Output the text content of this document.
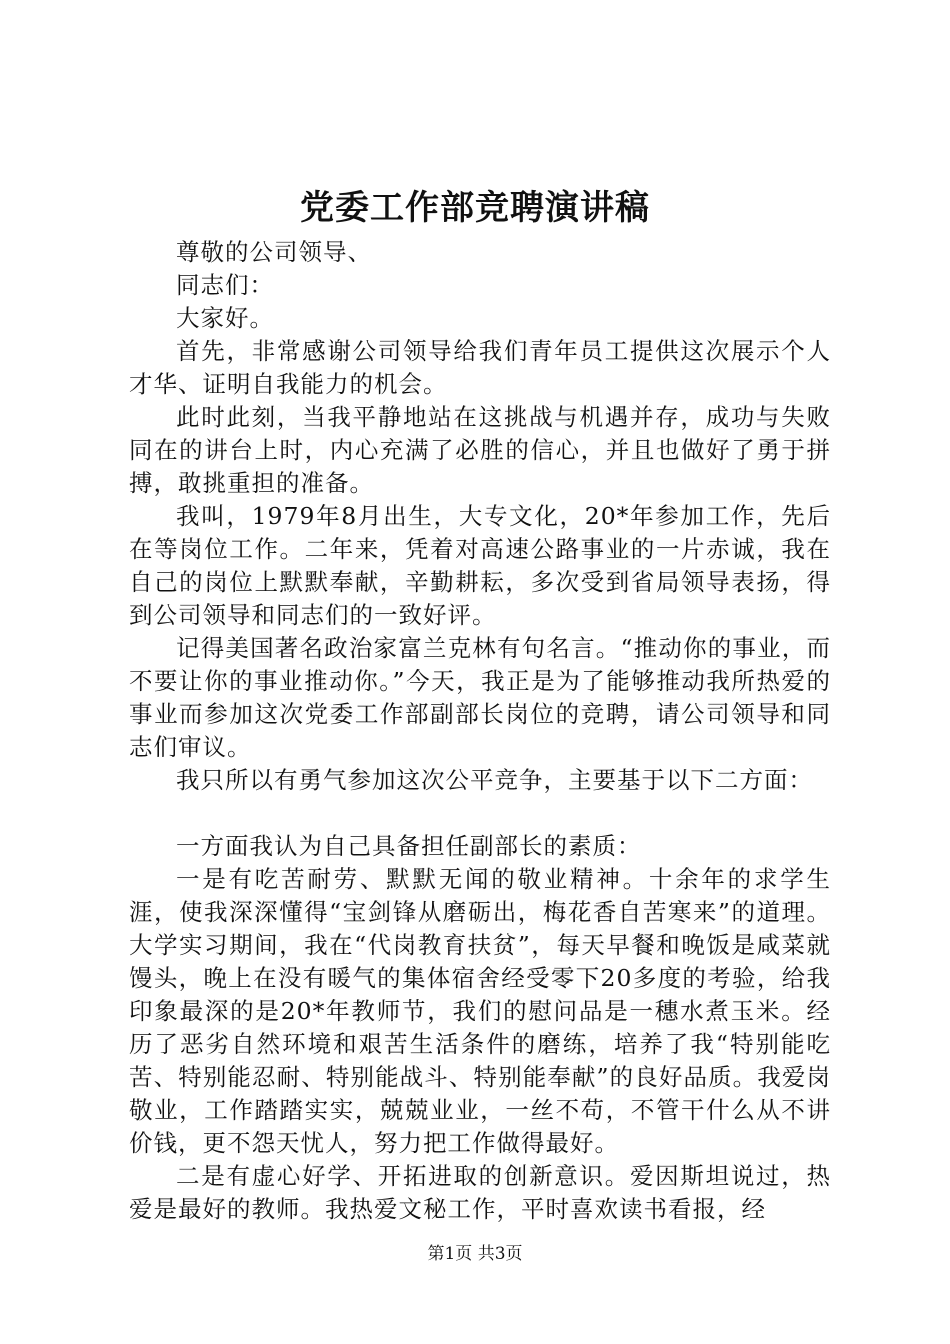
党委工作部竞聘演讲稿

尊敬的公司领导、

同志们：

大家好。

首先，非常感谢公司领导给我们青年员工提供这次展示个人才华、证明自我能力的机会。

此时此刻，当我平静地站在这挑战与机遇并存，成功与失败同在的讲台上时，内心充满了必胜的信心，并且也做好了勇于拼搏，敢挑重担的准备。

我叫，1979年8月出生，大专文化，20*年参加工作，先后在等岗位工作。二年来，凭着对高速公路事业的一片赤诚，我在自己的岗位上默默奉献，辛勤耕耘，多次受到省局领导表扬，得到公司领导和同志们的一致好评。

记得美国著名政治家富兰克林有句名言。“推动你的事业，而不要让你的事业推动你。”今天，我正是为了能够推动我所热爱的事业而参加这次党委工作部副部长岗位的竞聘，请公司领导和同志们审议。

我只所以有勇气参加这次公平竞争，主要基于以下二方面：

一方面我认为自己具备担任副部长的素质：

一是有吃苦耐劳、默默无闻的敬业精神。十余年的求学生涯，使我深深懂得“宝剑锋从磨砺出，梅花香自苦寒来”的道理。大学实习期间，我在“代岗教育扶贫”，每天早餐和晚饭是咸菜就馒头，晚上在没有暖气的集体宿舍经受零下20多度的考验，给我印象最深的是20*年教师节，我们的慰问品是一穗水煮玉米。经历了恶劣自然环境和艰苦生活条件的磨练，培养了我“特别能吃苦、特别能忍耐、特别能战斗、特别能奉献”的良好品质。我爱岗敬业，工作踏踏实实，兢兢业业，一丝不苟，不管干什么从不讲价钱，更不怨天忧人，努力把工作做得最好。

二是有虚心好学、开拓进取的创新意识。爱因斯坦说过，热爱是最好的教师。我热爱文秘工作，平时喜欢读书看报，经

第1页 共3页
